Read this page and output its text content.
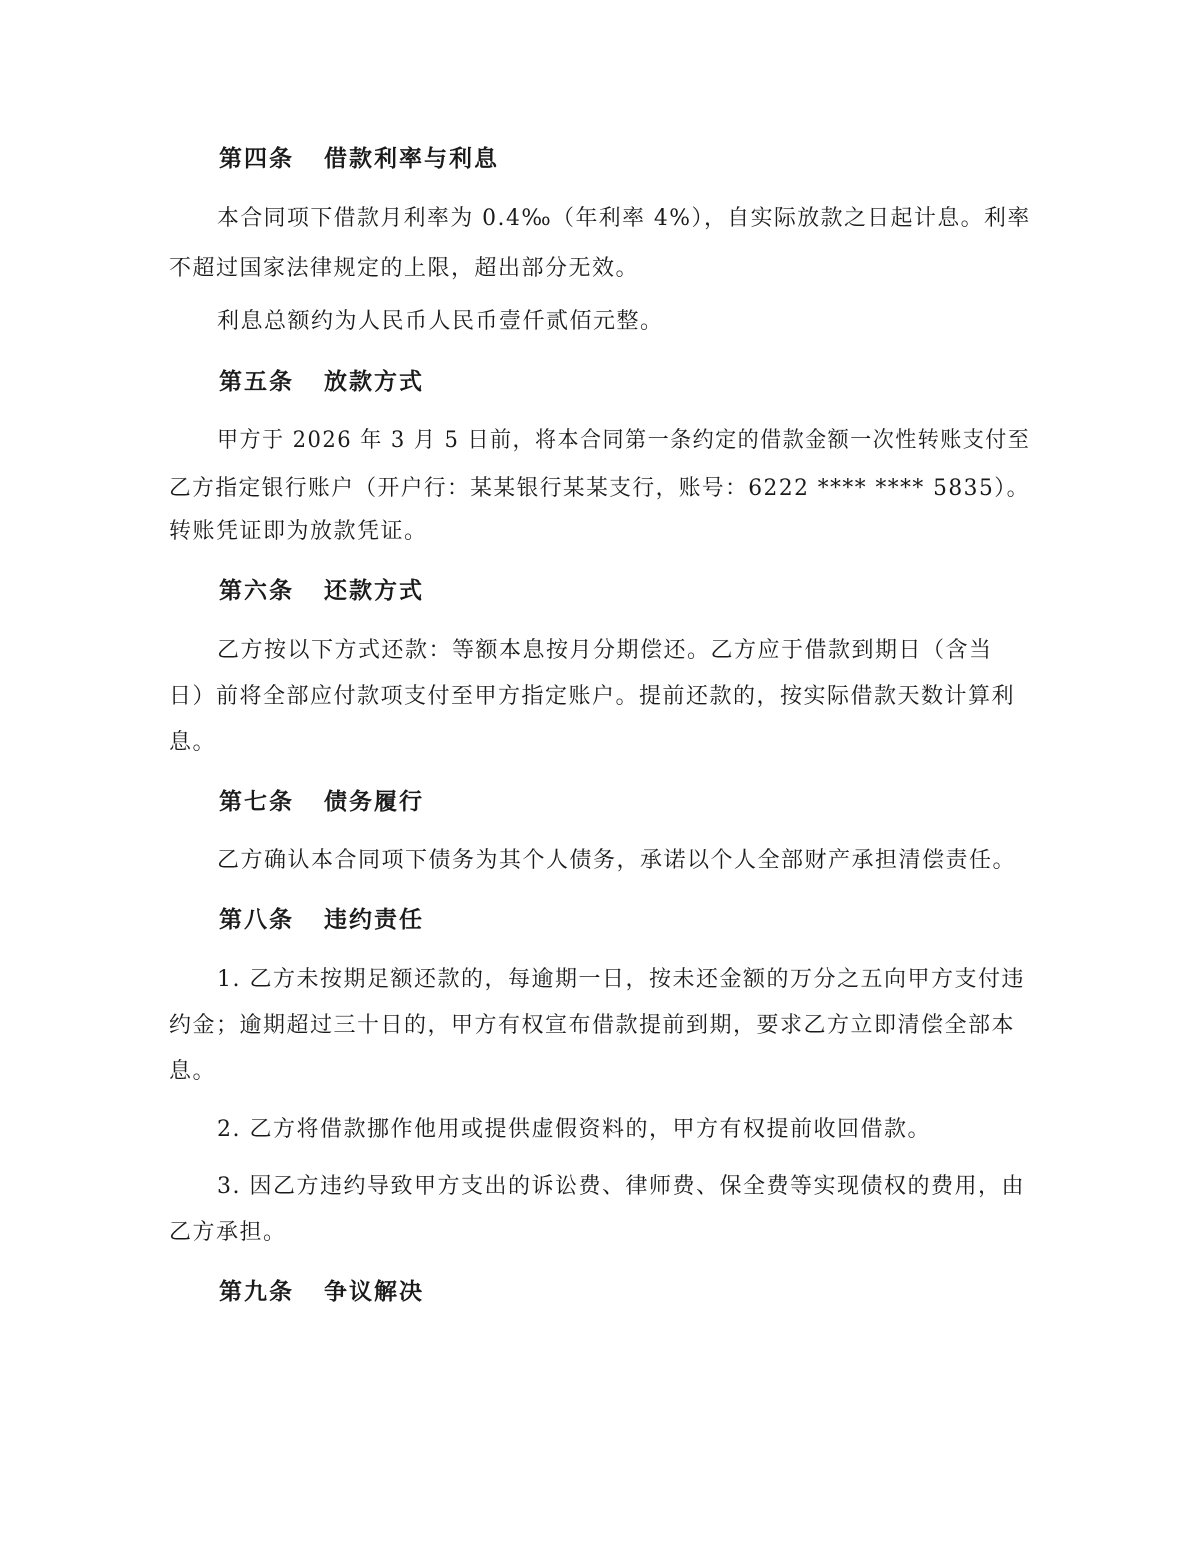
第四条 借款利率与利息
本合同项下借款月利率为 0.4‰（年利率 4%），自实际放款之日起计息。利率
不超过国家法律规定的上限，超出部分无效。
利息总额约为人民币人民币壹仟贰佰元整。
第五条 放款方式
甲方于 2026 年 3 月 5 日前，将本合同第一条约定的借款金额一次性转账支付至
乙方指定银行账户（开户行：某某银行某某支行，账号：6222 **** **** 5835）。
转账凭证即为放款凭证。
第六条 还款方式
乙方按以下方式还款：等额本息按月分期偿还。乙方应于借款到期日（含当
日）前将全部应付款项支付至甲方指定账户。提前还款的，按实际借款天数计算利
息。
第七条 债务履行
乙方确认本合同项下债务为其个人债务，承诺以个人全部财产承担清偿责任。
第八条 违约责任
1. 乙方未按期足额还款的，每逾期一日，按未还金额的万分之五向甲方支付违
约金；逾期超过三十日的，甲方有权宣布借款提前到期，要求乙方立即清偿全部本
息。
2. 乙方将借款挪作他用或提供虚假资料的，甲方有权提前收回借款。
3. 因乙方违约导致甲方支出的诉讼费、律师费、保全费等实现债权的费用，由
乙方承担。
第九条 争议解决
